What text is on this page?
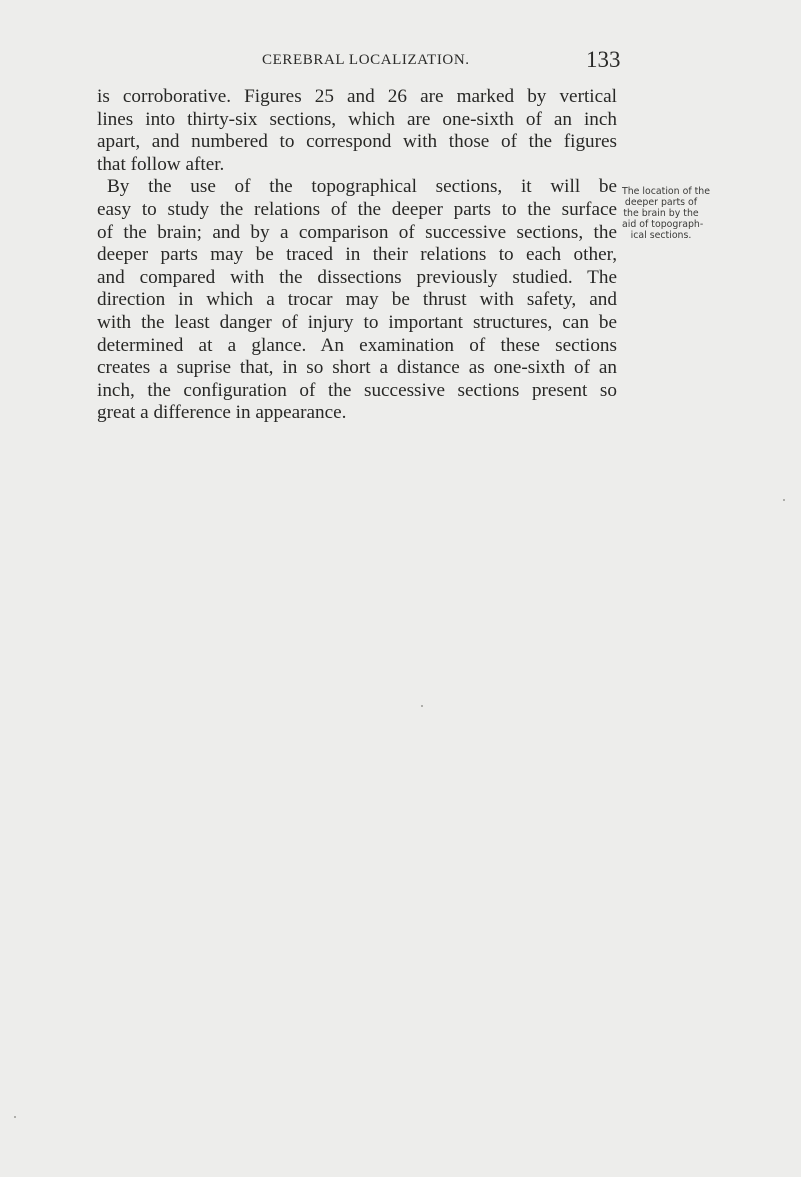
CEREBRAL LOCALIZATION.	133
is corroborative. Figures 25 and 26 are marked by vertical
lines into thirty-six sections, which are one-sixth of an inch
apart, and numbered to correspond with those of the figures
that follow after.
By the use of the topographical sections, it will be
easy to study the relations of the deeper parts to the surface
of the brain; and by a comparison of successive sections, the
deeper parts may be traced in their relations to each other,
and compared with the dissections previously studied. The
direction in which a trocar may be thrust with safety, and
with the least danger of injury to important structures, can be
determined at a glance. An examination of these sections
creates a suprise that, in so short a distance as one-sixth of an
inch, the configuration of the successive sections present so
great a difference in appearance.
The location of the
deeper parts of
the brain by the
aid of topograph-
ical sections.
